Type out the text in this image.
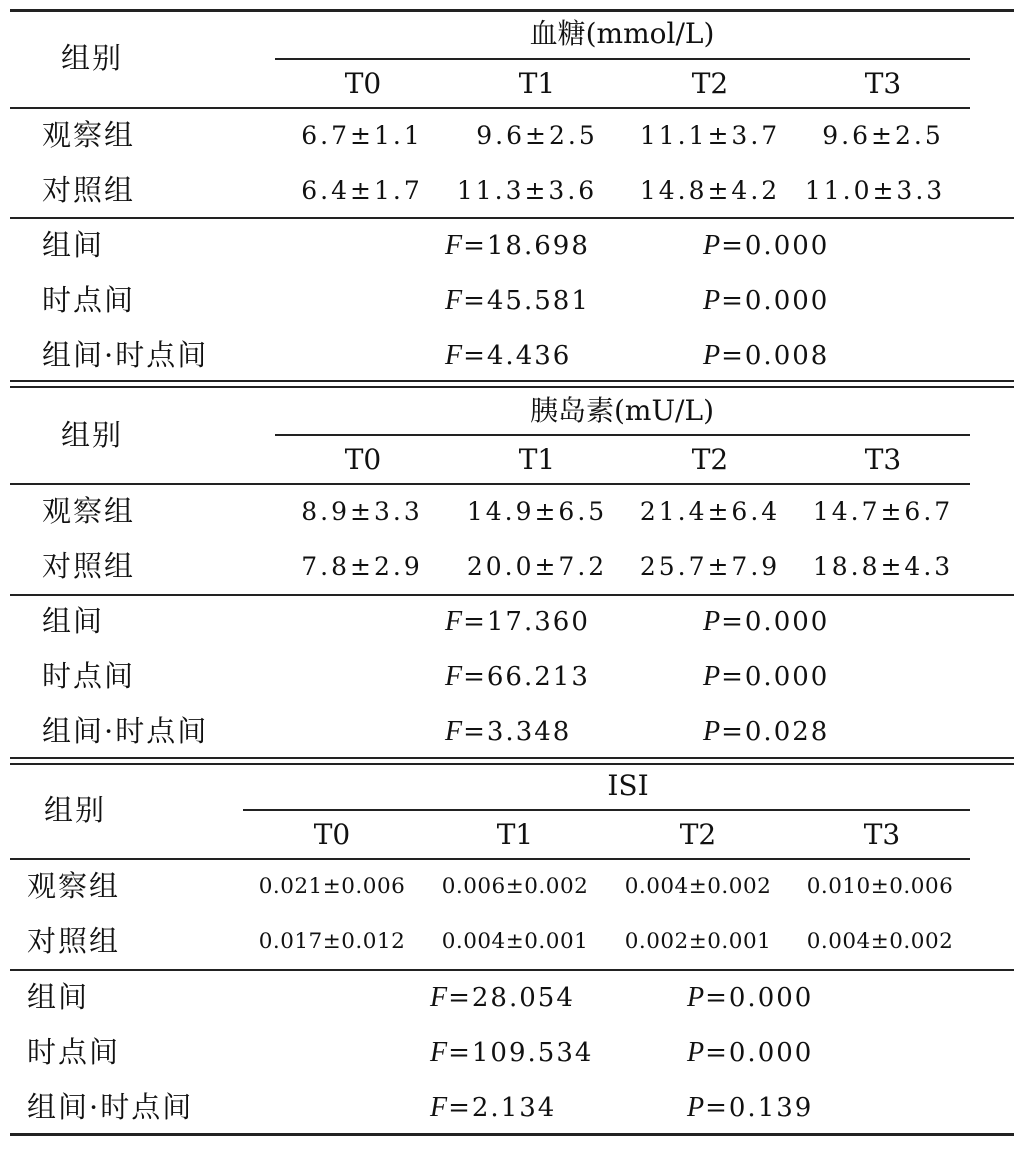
组别
血糖(mmol/L)
T0	T1	T2	T3
观察组	6.7±1.1 9.6±2.5 11.1±3.7 9.6±2.5
对照组	6.4±1.7 11.3±3.6 14.8±4.2 11.0±3.3
组间	F=18.698	P=0.000
时点间	F=45.581	P=0.000
组间·时点间	F=4.436	P=0.008
组别
胰岛素(mU/L)
T0	T1	T2	T3
观察组	8.9±3.3 14.9±6.5 21.4±6.4 14.7±6.7
对照组	7.8±2.9 20.0±7.2 25.7±7.9 18.8±4.3
组间	F=17.360	P=0.000
时点间	F=66.213	P=0.000
组间·时点间	F=3.348	P=0.028
组别
ISI
T0	T1	T2	T3
观察组	0.021±0.006 0.006±0.002 0.004±0.002 0.010±0.006
对照组	0.017±0.012 0.004±0.001 0.002±0.001 0.004±0.002
组间	F=28.054	P=0.000
时点间	F=109.534	P=0.000
组间·时点间	F=2.134	P=0.139
